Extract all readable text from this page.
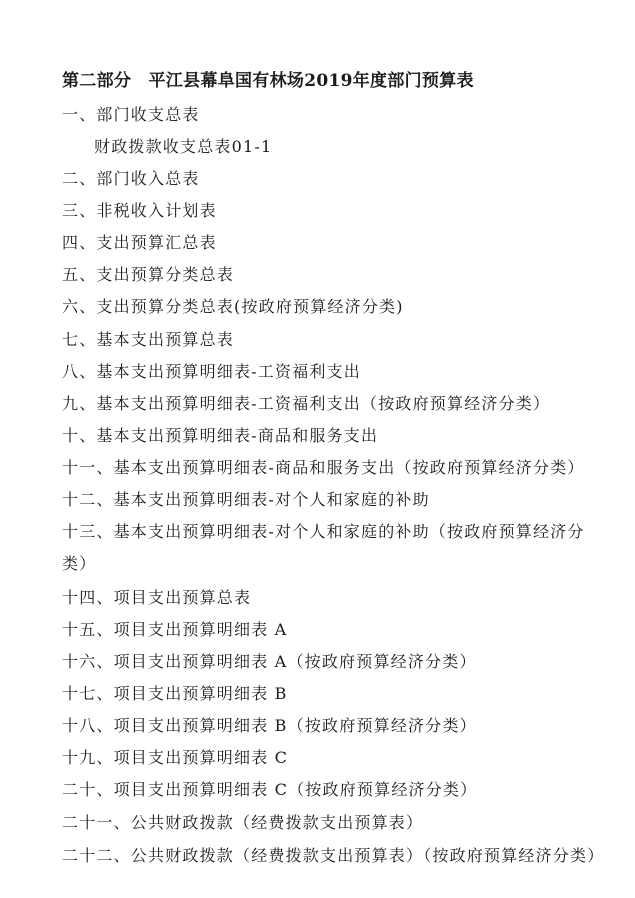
第二部分　平江县幕阜国有林场2019年度部门预算表
一、部门收支总表
财政拨款收支总表01-1
二、部门收入总表
三、非税收入计划表
四、支出预算汇总表
五、支出预算分类总表
六、支出预算分类总表(按政府预算经济分类)
七、基本支出预算总表
八、基本支出预算明细表-工资福利支出
九、基本支出预算明细表-工资福利支出（按政府预算经济分类）
十、基本支出预算明细表-商品和服务支出
十一、基本支出预算明细表-商品和服务支出（按政府预算经济分类）
十二、基本支出预算明细表-对个人和家庭的补助
十三、基本支出预算明细表-对个人和家庭的补助（按政府预算经济分
类）
十四、项目支出预算总表
十五、项目支出预算明细表 A
十六、项目支出预算明细表 A（按政府预算经济分类）
十七、项目支出预算明细表 B
十八、项目支出预算明细表 B（按政府预算经济分类）
十九、项目支出预算明细表 C
二十、项目支出预算明细表 C（按政府预算经济分类）
二十一、公共财政拨款（经费拨款支出预算表）
二十二、公共财政拨款（经费拨款支出预算表）（按政府预算经济分类）
